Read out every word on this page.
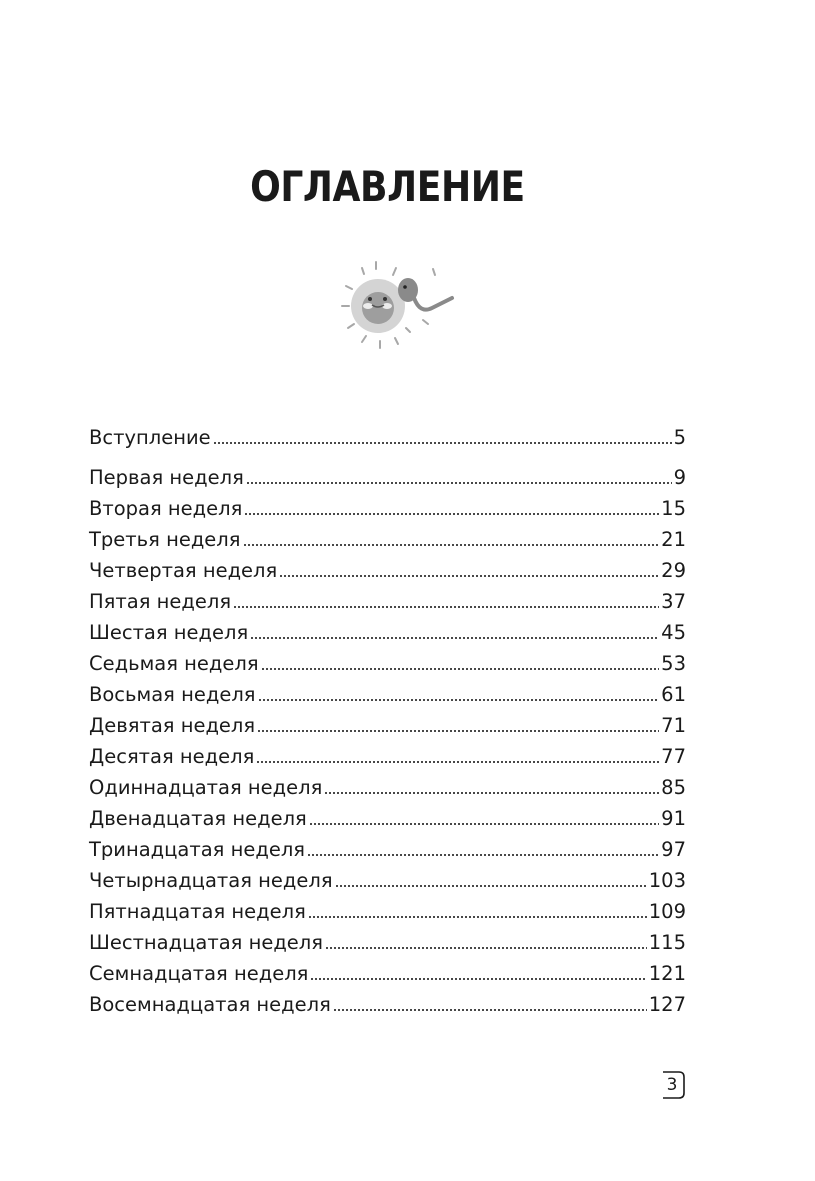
ОГЛАВЛЕНИЕ
Вступление	5
Первая неделя	9
Вторая неделя	15
Третья неделя	21
Четвертая неделя	29
Пятая неделя	37
Шестая неделя	45
Седьмая неделя	53
Восьмая неделя	61
Девятая неделя	71
Десятая неделя	77
Одиннадцатая неделя	85
Двенадцатая неделя	91
Тринадцатая неделя	97
Четырнадцатая неделя	103
Пятнадцатая неделя	109
Шестнадцатая неделя	115
Семнадцатая неделя	121
Восемнадцатая неделя	127
3
